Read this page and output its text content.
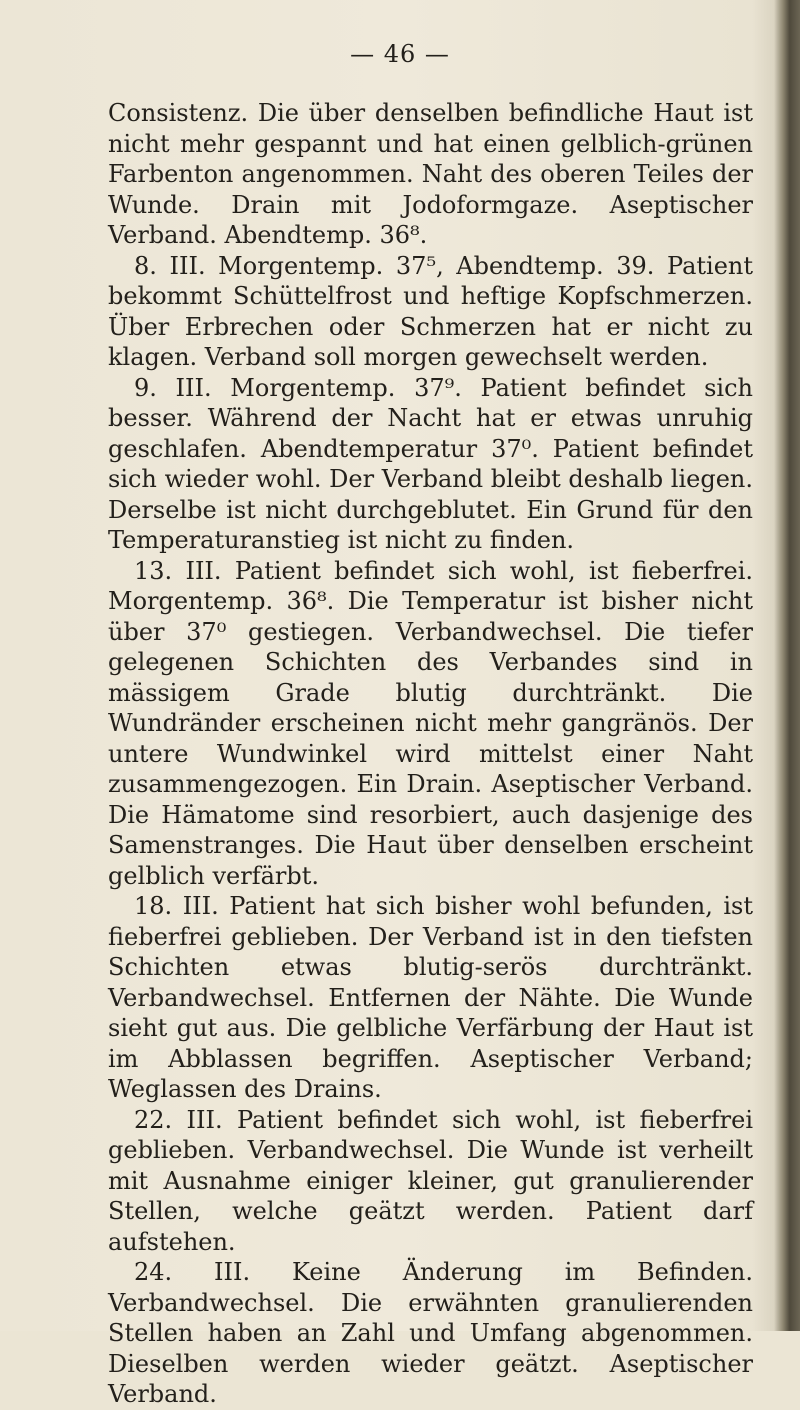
— 46 —

Consistenz. Die über denselben befindliche Haut ist nicht mehr gespannt und hat einen gelblich-grünen Farbenton angenommen. Naht des oberen Teiles der Wunde. Drain mit Jodoformgaze. Aseptischer Verband. Abendtemp. 36⁸.

8. III. Morgentemp. 37⁵, Abendtemp. 39. Patient bekommt Schüttelfrost und heftige Kopfschmerzen. Über Erbrechen oder Schmerzen hat er nicht zu klagen. Verband soll morgen gewechselt werden.

9. III. Morgentemp. 37⁹. Patient befindet sich besser. Während der Nacht hat er etwas unruhig geschlafen. Abendtemperatur 37⁰. Patient befindet sich wieder wohl. Der Verband bleibt deshalb liegen. Derselbe ist nicht durchgeblutet. Ein Grund für den Temperaturanstieg ist nicht zu finden.

13. III. Patient befindet sich wohl, ist fieberfrei. Morgentemp. 36⁸. Die Temperatur ist bisher nicht über 37⁰ gestiegen. Verbandwechsel. Die tiefer gelegenen Schichten des Verbandes sind in mässigem Grade blutig durchtränkt. Die Wundränder erscheinen nicht mehr gangränös. Der untere Wundwinkel wird mittelst einer Naht zusammengezogen. Ein Drain. Aseptischer Verband. Die Hämatome sind resorbiert, auch dasjenige des Samenstranges. Die Haut über denselben erscheint gelblich verfärbt.

18. III. Patient hat sich bisher wohl befunden, ist fieberfrei geblieben. Der Verband ist in den tiefsten Schichten etwas blutig-serös durchtränkt. Verbandwechsel. Entfernen der Nähte. Die Wunde sieht gut aus. Die gelbliche Verfärbung der Haut ist im Abblassen begriffen. Aseptischer Verband; Weglassen des Drains.

22. III. Patient befindet sich wohl, ist fieberfrei geblieben. Verbandwechsel. Die Wunde ist verheilt mit Ausnahme einiger kleiner, gut granulierender Stellen, welche geätzt werden. Patient darf aufstehen.

24. III. Keine Änderung im Befinden. Verbandwechsel. Die erwähnten granulierenden Stellen haben an Zahl und Umfang abgenommen. Dieselben werden wieder geätzt. Aseptischer Verband.
